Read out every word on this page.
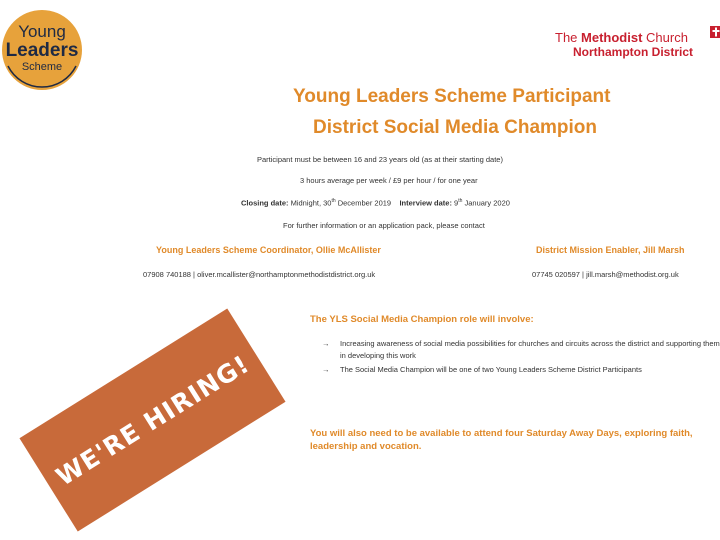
Young
Leaders
Scheme
The Methodist Church
Northampton District
Young Leaders Scheme Participant
District Social Media Champion
Participant must be between 16 and 23 years old (as at their starting date)
3 hours average per week / £9 per hour / for one year
Closing date: Midnight, 30th December 2019 Interview date: 9th January 2020
For further information or an application pack, please contact
Young Leaders Scheme Coordinator, Ollie McAllister
07908 740188 | oliver.mcallister@northamptonmethodistdistrict.org.uk
District Mission Enabler, Jill Marsh
07745 020597 | jill.marsh@methodist.org.uk
The YLS Social Media Champion role will involve:
→ Increasing awareness of social media possibilities for churches and circuits across the district and supporting them in developing this work
→ The Social Media Champion will be one of two Young Leaders Scheme District Participants
You will also need to be available to attend four Saturday Away Days, exploring faith, leadership and vocation.
WE'RE HIRING!
